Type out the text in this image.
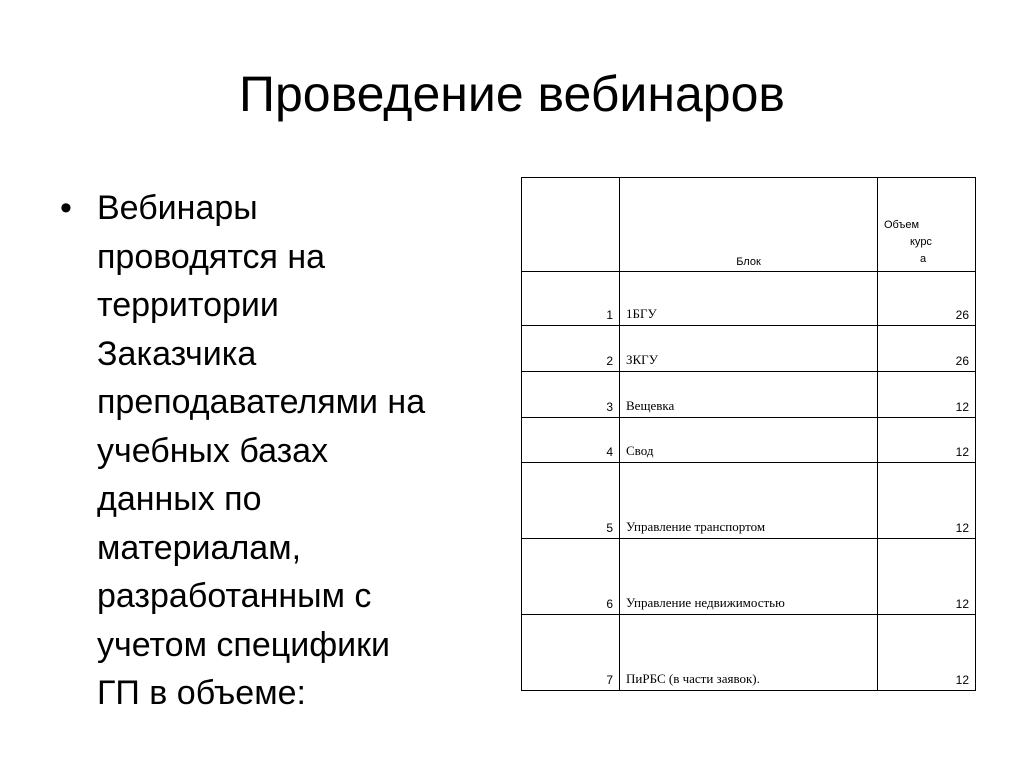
Проведение вебинаров
• Вебинары
проводятся на
территории
Заказчика
преподавателями на
учебных базах
данных по
материалам,
разработанным с
учетом специфики
ГП в объеме:
	Блок	Объем
курс
а

1	1БГУ	26
2	ЗКГУ	26
3	Вещевка	12
4	Свод	12
5	Управление транспортом	12
6	Управление недвижимостью	12
7	ПиРБС (в части заявок).	12
